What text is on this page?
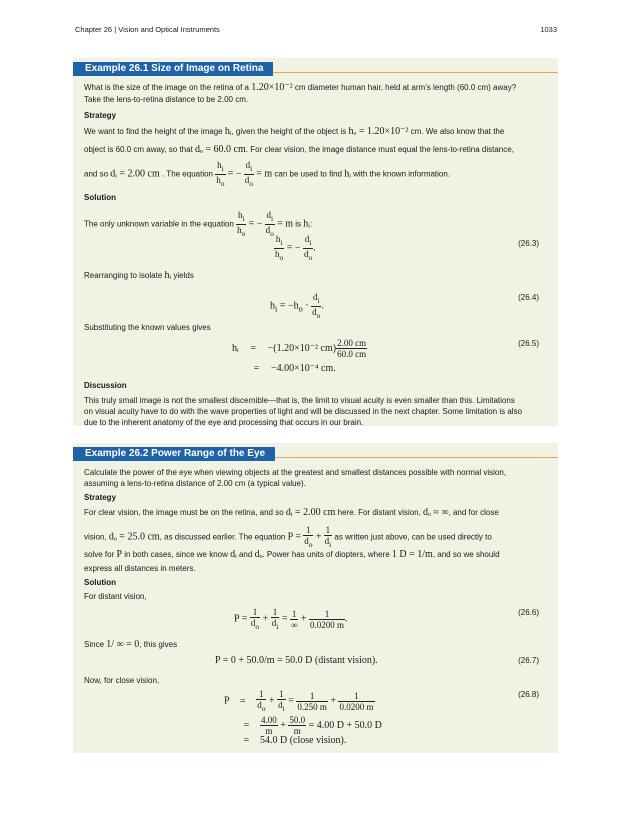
Chapter 26 | Vision and Optical Instruments	1033
Example 26.1 Size of Image on Retina
What is the size of the image on the retina of a 1.20×10⁻² cm diameter human hair, held at arm’s length (60.0 cm) away?
Take the lens-to-retina distance to be 2.00 cm.
Strategy
We want to find the height of the image hᵢ, given the height of the object is hₒ = 1.20×10⁻² cm. We also know that the
object is 60.0 cm away, so that dₒ = 60.0 cm. For clear vision, the image distance must equal the lens-to-retina distance,
and so dᵢ = 2.00 cm . The equation $\frac{h_i}{h_o}$ = − $\frac{d_i}{d_o} = m$ can be used to find hᵢ with the known information.
Solution
The only unknown variable in the equation $\frac{h_i}{h_o}$ = − $\frac{d_i}{d_o} = m$ is hᵢ:
$\frac{h_i}{h_o}$ = − $\frac{d_i}{d_o}$ .	(26.3)
Rearranging to isolate hᵢ yields
$h_i = -h_o \cdot \frac{d_i}{d_o}$ .
(26.4)
Substituting the known values gives
hᵢ = −(1.20×10⁻² $cm) \frac{2.00 cm}{60.0 cm}$
= −4.00×10⁻⁴ cm.
(26.5)
Discussion
This truly small image is not the smallest discernible—that is, the limit to visual acuity is even smaller than this. Limitations
on visual acuity have to do with the wave properties of light and will be discussed in the next chapter. Some limitation is also
due to the inherent anatomy of the eye and processing that occurs in our brain.
Example 26.2 Power Range of the Eye
Calculate the power of the eye when viewing objects at the greatest and smallest distances possible with normal vision,
assuming a lens-to-retina distance of 2.00 cm (a typical value).
Strategy
For clear vision, the image must be on the retina, and so dᵢ = 2.00 cm here. For distant vision, dₒ ≈ ∞, and for close
vision, dₒ = 25.0 cm, as discussed earlier. The equation $P = \frac{1}{d_o} + \frac{1}{d_i}$ as written just above, can be used directly to
solve for P in both cases, since we know dᵢ and dₒ. Power has units of diopters, where 1 D = 1/m, and so we should
express all distances in meters.
Solution
For distant vision,
$P = \frac{1}{d_o} + \frac{1}{d_i} = \frac{1}{\infty} + \frac{1}{0.0200 m}$ .
(26.6)
Since 1/ ∞ = 0, this gives
P = 0 + 50.0/m = 50.0 D (distant vision).	(26.7)
Now, for close vision,
$P = \frac{1}{d_o} + \frac{1}{d_i} = \frac{1}{0.250 m} + \frac{1}{0.0200 m}$
= $\frac{4.00}{m} + \frac{50.0}{m} = 4.00$ D + 50.0 D
= 54.0 D (close vision).
(26.8)
